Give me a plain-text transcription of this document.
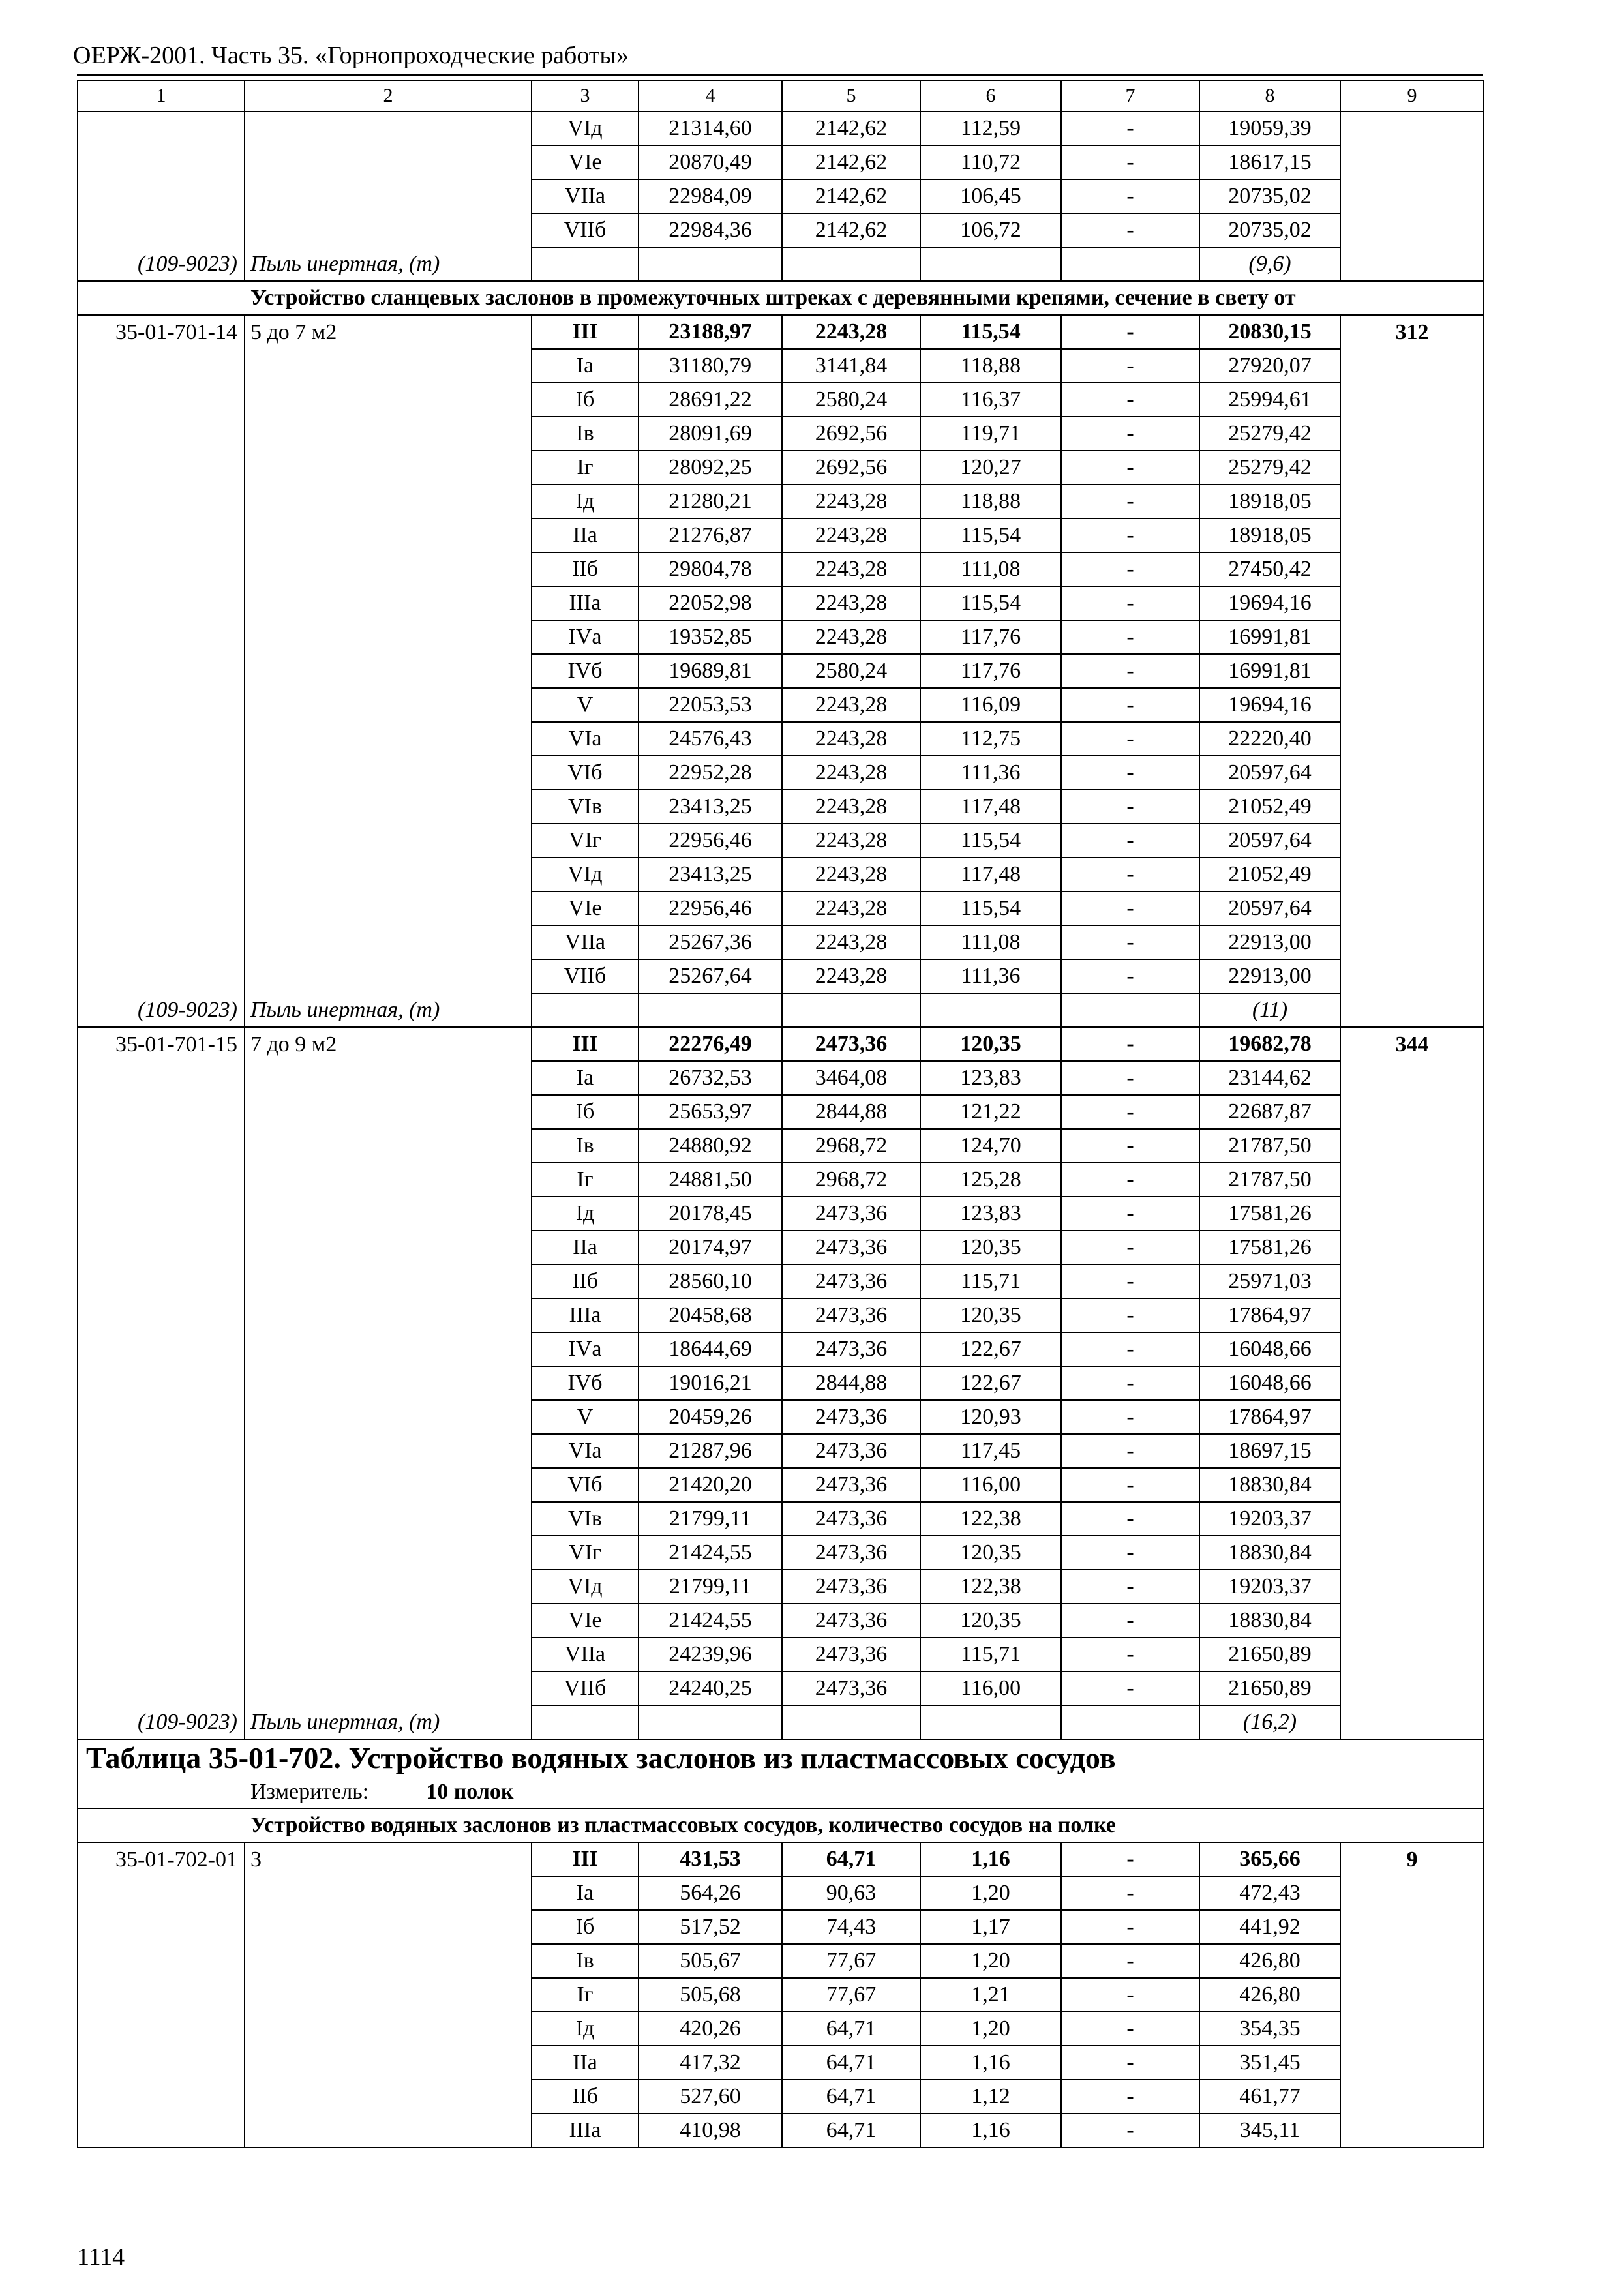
ОЕРЖ-2001. Часть 35. «Горнопроходческие работы»
1	2	3	4	5	6	7	8	9
		VIд	21314,60	2142,62	112,59	-	19059,39	
		VIе	20870,49	2142,62	110,72	-	18617,15	
		VIIа	22984,09	2142,62	106,45	-	20735,02	
		VIIб	22984,36	2142,62	106,72	-	20735,02	
(109-9023)	Пыль инертная, (т)						(9,6)	
Устройство сланцевых заслонов в промежуточных штреках с деревянными крепями, сечение в свету от								
35-01-701-14	5 до 7 м2	III	23188,97	2243,28	115,54	-	20830,15	312
		Iа	31180,79	3141,84	118,88	-	27920,07	
		Iб	28691,22	2580,24	116,37	-	25994,61	
		Iв	28091,69	2692,56	119,71	-	25279,42	
		Iг	28092,25	2692,56	120,27	-	25279,42	
		Iд	21280,21	2243,28	118,88	-	18918,05	
		IIа	21276,87	2243,28	115,54	-	18918,05	
		IIб	29804,78	2243,28	111,08	-	27450,42	
		IIIа	22052,98	2243,28	115,54	-	19694,16	
		IVа	19352,85	2243,28	117,76	-	16991,81	
		IVб	19689,81	2580,24	117,76	-	16991,81	
		V	22053,53	2243,28	116,09	-	19694,16	
		VIа	24576,43	2243,28	112,75	-	22220,40	
		VIб	22952,28	2243,28	111,36	-	20597,64	
		VIв	23413,25	2243,28	117,48	-	21052,49	
		VIг	22956,46	2243,28	115,54	-	20597,64	
		VIд	23413,25	2243,28	117,48	-	21052,49	
		VIе	22956,46	2243,28	115,54	-	20597,64	
		VIIа	25267,36	2243,28	111,08	-	22913,00	
		VIIб	25267,64	2243,28	111,36	-	22913,00	
(109-9023)	Пыль инертная, (т)						(11)	
35-01-701-15	7 до 9 м2	III	22276,49	2473,36	120,35	-	19682,78	344
		Iа	26732,53	3464,08	123,83	-	23144,62	
		Iб	25653,97	2844,88	121,22	-	22687,87	
		Iв	24880,92	2968,72	124,70	-	21787,50	
		Iг	24881,50	2968,72	125,28	-	21787,50	
		Iд	20178,45	2473,36	123,83	-	17581,26	
		IIа	20174,97	2473,36	120,35	-	17581,26	
		IIб	28560,10	2473,36	115,71	-	25971,03	
		IIIа	20458,68	2473,36	120,35	-	17864,97	
		IVа	18644,69	2473,36	122,67	-	16048,66	
		IVб	19016,21	2844,88	122,67	-	16048,66	
		V	20459,26	2473,36	120,93	-	17864,97	
		VIа	21287,96	2473,36	117,45	-	18697,15	
		VIб	21420,20	2473,36	116,00	-	18830,84	
		VIв	21799,11	2473,36	122,38	-	19203,37	
		VIг	21424,55	2473,36	120,35	-	18830,84	
		VIд	21799,11	2473,36	122,38	-	19203,37	
		VIе	21424,55	2473,36	120,35	-	18830,84	
		VIIа	24239,96	2473,36	115,71	-	21650,89	
		VIIб	24240,25	2473,36	116,00	-	21650,89	
(109-9023)	Пыль инертная, (т)						(16,2)	
Таблица 35-01-702. Устройство водяных заслонов из пластмассовых сосудов								
Измеритель: 10 полок								
Устройство водяных заслонов из пластмассовых сосудов, количество сосудов на полке								
35-01-702-01	3	III	431,53	64,71	1,16	-	365,66	9
		Iа	564,26	90,63	1,20	-	472,43	
		Iб	517,52	74,43	1,17	-	441,92	
		Iв	505,67	77,67	1,20	-	426,80	
		Iг	505,68	77,67	1,21	-	426,80	
		Iд	420,26	64,71	1,20	-	354,35	
		IIа	417,32	64,71	1,16	-	351,45	
		IIб	527,60	64,71	1,12	-	461,77	
		IIIа	410,98	64,71	1,16	-	345,11	
1114
